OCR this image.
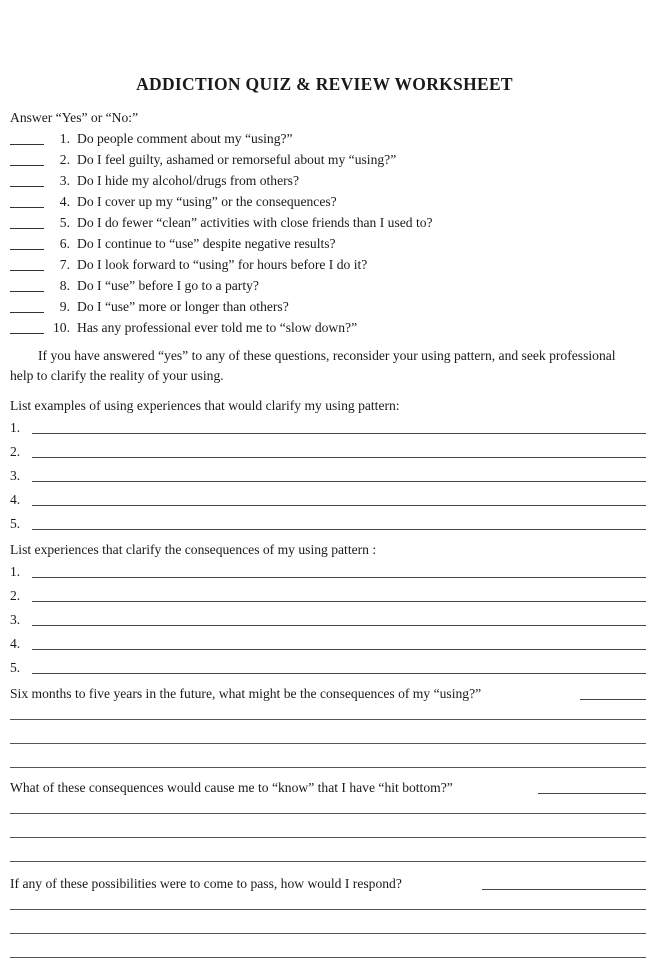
ADDICTION QUIZ & REVIEW WORKSHEET
Answer “Yes” or “No:”
1. Do people comment about my “using?”
2. Do I feel guilty, ashamed or remorseful about my “using?”
3. Do I hide my alcohol/drugs from others?
4. Do I cover up my “using” or the consequences?
5. Do I do fewer “clean” activities with close friends than I used to?
6. Do I continue to “use” despite negative results?
7. Do I look forward to “using” for hours before I do it?
8. Do I “use” before I go to a party?
9. Do I “use” more or longer than others?
10. Has any professional ever told me to “slow down?”
If you have answered “yes” to any of these questions, reconsider your using pattern, and seek professional help to clarify the reality of your using.
List examples of using experiences that would clarify my using pattern:
1.
2.
3.
4.
5.
List experiences that clarify the consequences of my using pattern :
1.
2.
3.
4.
5.
Six months to five years in the future, what might be the consequences of my “using?”
What of these consequences would cause me to “know” that I have “hit bottom?”
If any of these possibilities were to come to pass, how would I respond?
